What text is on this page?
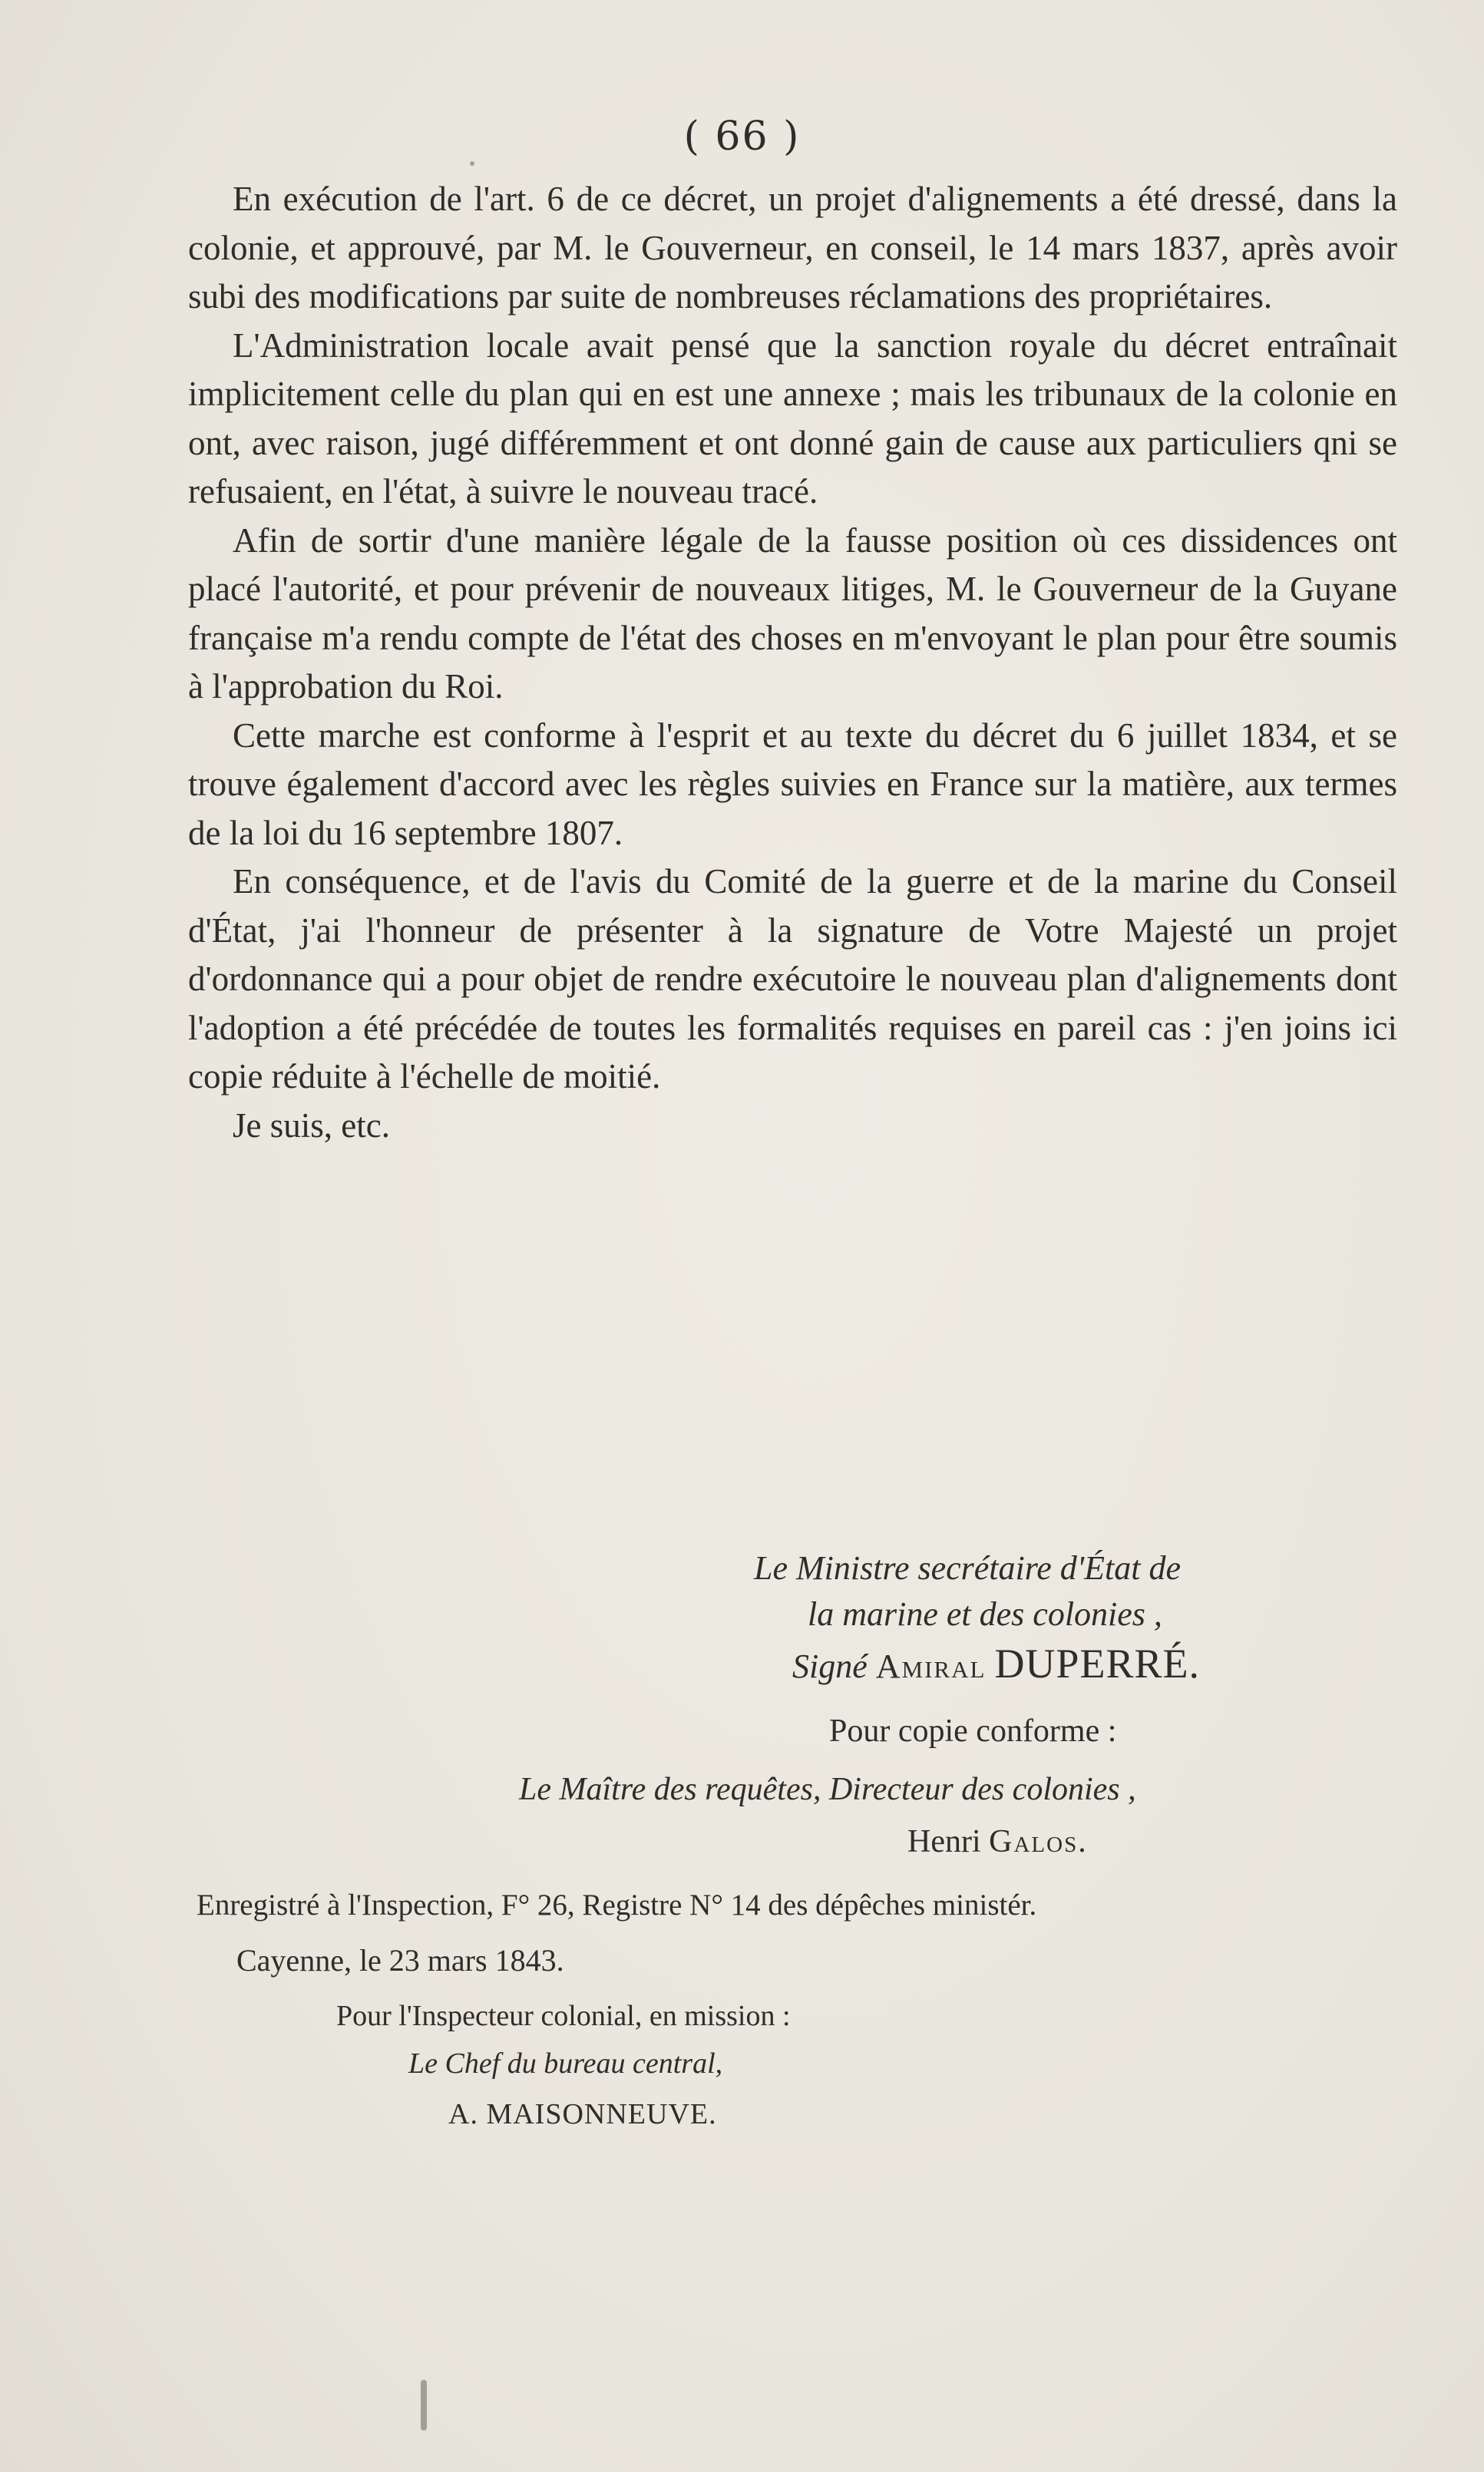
( 66 )

En exécution de l'art. 6 de ce décret, un projet d'alignements a été dressé, dans la colonie, et approuvé, par M. le Gouverneur, en conseil, le 14 mars 1837, après avoir subi des modifications par suite de nombreuses réclamations des propriétaires.

L'Administration locale avait pensé que la sanction royale du décret entraînait implicitement celle du plan qui en est une annexe ; mais les tribunaux de la colonie en ont, avec raison, jugé différemment et ont donné gain de cause aux particuliers qni se refusaient, en l'état, à suivre le nouveau tracé.

Afin de sortir d'une manière légale de la fausse position où ces dissidences ont placé l'autorité, et pour prévenir de nouveaux litiges, M. le Gouverneur de la Guyane française m'a rendu compte de l'état des choses en m'envoyant le plan pour être soumis à l'approbation du Roi.

Cette marche est conforme à l'esprit et au texte du décret du 6 juillet 1834, et se trouve également d'accord avec les règles suivies en France sur la matière, aux termes de la loi du 16 septembre 1807.

En conséquence, et de l'avis du Comité de la guerre et de la marine du Conseil d'État, j'ai l'honneur de présenter à la signature de Votre Majesté un projet d'ordonnance qui a pour objet de rendre exécutoire le nouveau plan d'alignements dont l'adoption a été précédée de toutes les formalités requises en pareil cas : j'en joins ici copie réduite à l'échelle de moitié.

Je suis, etc.

Le Ministre secrétaire d'État de
la marine et des colonies ,
Signé Amiral DUPERRÉ.
Pour copie conforme :
Le Maître des requêtes, Directeur des colonies ,
Henri Galos.
Enregistré à l'Inspection, F° 26, Registre N° 14 des dépêches ministér.
Cayenne, le 23 mars 1843.
Pour l'Inspecteur colonial, en mission :
Le Chef du bureau central,
A. MAISONNEUVE.
